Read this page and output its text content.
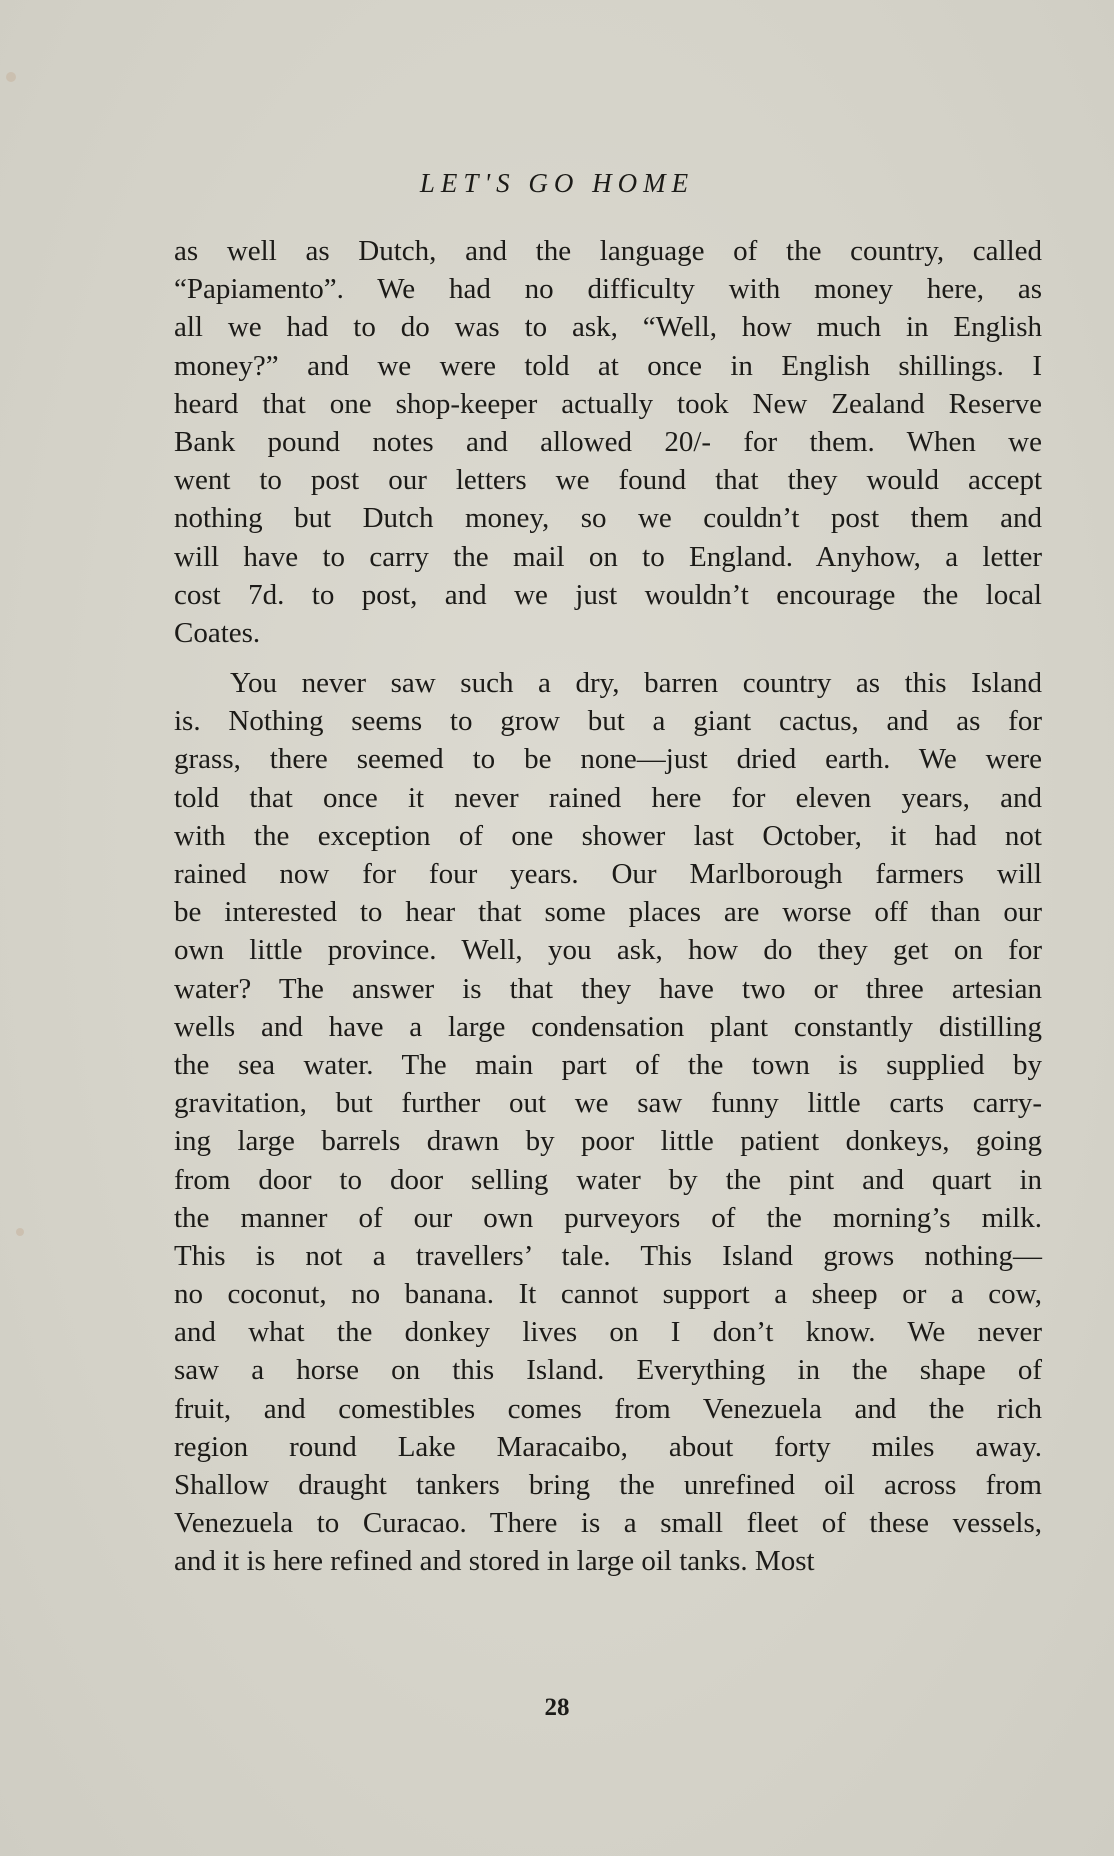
LET'S GO HOME
as well as Dutch, and the language of the country, called
“Papiamento”. We had no difficulty with money here, as
all we had to do was to ask, “Well, how much in English
money?” and we were told at once in English shillings. I
heard that one shop-keeper actually took New Zealand Reserve
Bank pound notes and allowed 20/- for them. When we
went to post our letters we found that they would accept
nothing but Dutch money, so we couldn’t post them and
will have to carry the mail on to England. Anyhow, a letter
cost 7d. to post, and we just wouldn’t encourage the local
Coates.
You never saw such a dry, barren country as this Island
is. Nothing seems to grow but a giant cactus, and as for
grass, there seemed to be none—just dried earth. We were
told that once it never rained here for eleven years, and
with the exception of one shower last October, it had not
rained now for four years. Our Marlborough farmers will
be interested to hear that some places are worse off than our
own little province. Well, you ask, how do they get on for
water? The answer is that they have two or three artesian
wells and have a large condensation plant constantly distilling
the sea water. The main part of the town is supplied by
gravitation, but further out we saw funny little carts carry-
ing large barrels drawn by poor little patient donkeys, going
from door to door selling water by the pint and quart in
the manner of our own purveyors of the morning’s milk.
This is not a travellers’ tale. This Island grows nothing—
no coconut, no banana. It cannot support a sheep or a cow,
and what the donkey lives on I don’t know. We never
saw a horse on this Island. Everything in the shape of
fruit, and comestibles comes from Venezuela and the rich
region round Lake Maracaibo, about forty miles away.
Shallow draught tankers bring the unrefined oil across from
Venezuela to Curacao. There is a small fleet of these vessels,
and it is here refined and stored in large oil tanks. Most
28
